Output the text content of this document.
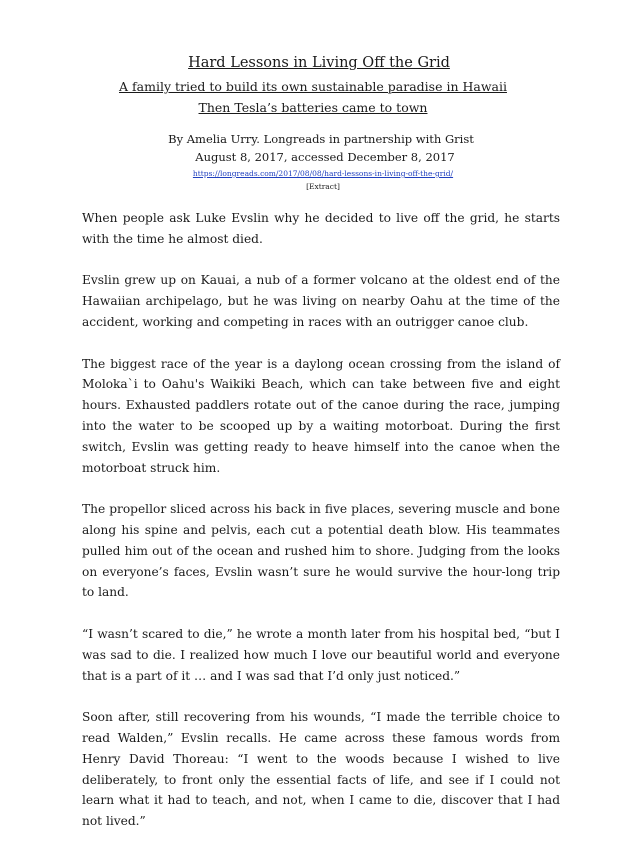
Hard Lessons in Living Off the Grid
A family tried to build its own sustainable paradise in Hawaii
Then Tesla’s batteries came to town
By Amelia Urry. Longreads in partnership with Grist
August 8, 2017, accessed December 8, 2017
https://longreads.com/2017/08/08/hard-lessons-in-living-off-the-grid/
[Extract]

When people ask Luke Evslin why he decided to live off the grid, he starts with the time he almost died.

Evslin grew up on Kauai, a nub of a former volcano at the oldest end of the Hawaiian archipelago, but he was living on nearby Oahu at the time of the accident, working and competing in races with an outrigger canoe club.

The biggest race of the year is a daylong ocean crossing from the island of Moloka`i to Oahu's Waikiki Beach, which can take between five and eight hours. Exhausted paddlers rotate out of the canoe during the race, jumping into the water to be scooped up by a waiting motorboat. During the first switch, Evslin was getting ready to heave himself into the canoe when the motorboat struck him.

The propellor sliced across his back in five places, severing muscle and bone along his spine and pelvis, each cut a potential death blow. His teammates pulled him out of the ocean and rushed him to shore. Judging from the looks on everyone’s faces, Evslin wasn’t sure he would survive the hour-long trip to land.

“I wasn’t scared to die,” he wrote a month later from his hospital bed, “but I was sad to die. I realized how much I love our beautiful world and everyone that is a part of it … and I was sad that I’d only just noticed.”

Soon after, still recovering from his wounds, “I made the terrible choice to read Walden,” Evslin recalls. He came across these famous words from Henry David Thoreau: “I went to the woods because I wished to live deliberately, to front only the essential facts of life, and see if I could not learn what it had to teach, and not, when I came to die, discover that I had not lived.”
